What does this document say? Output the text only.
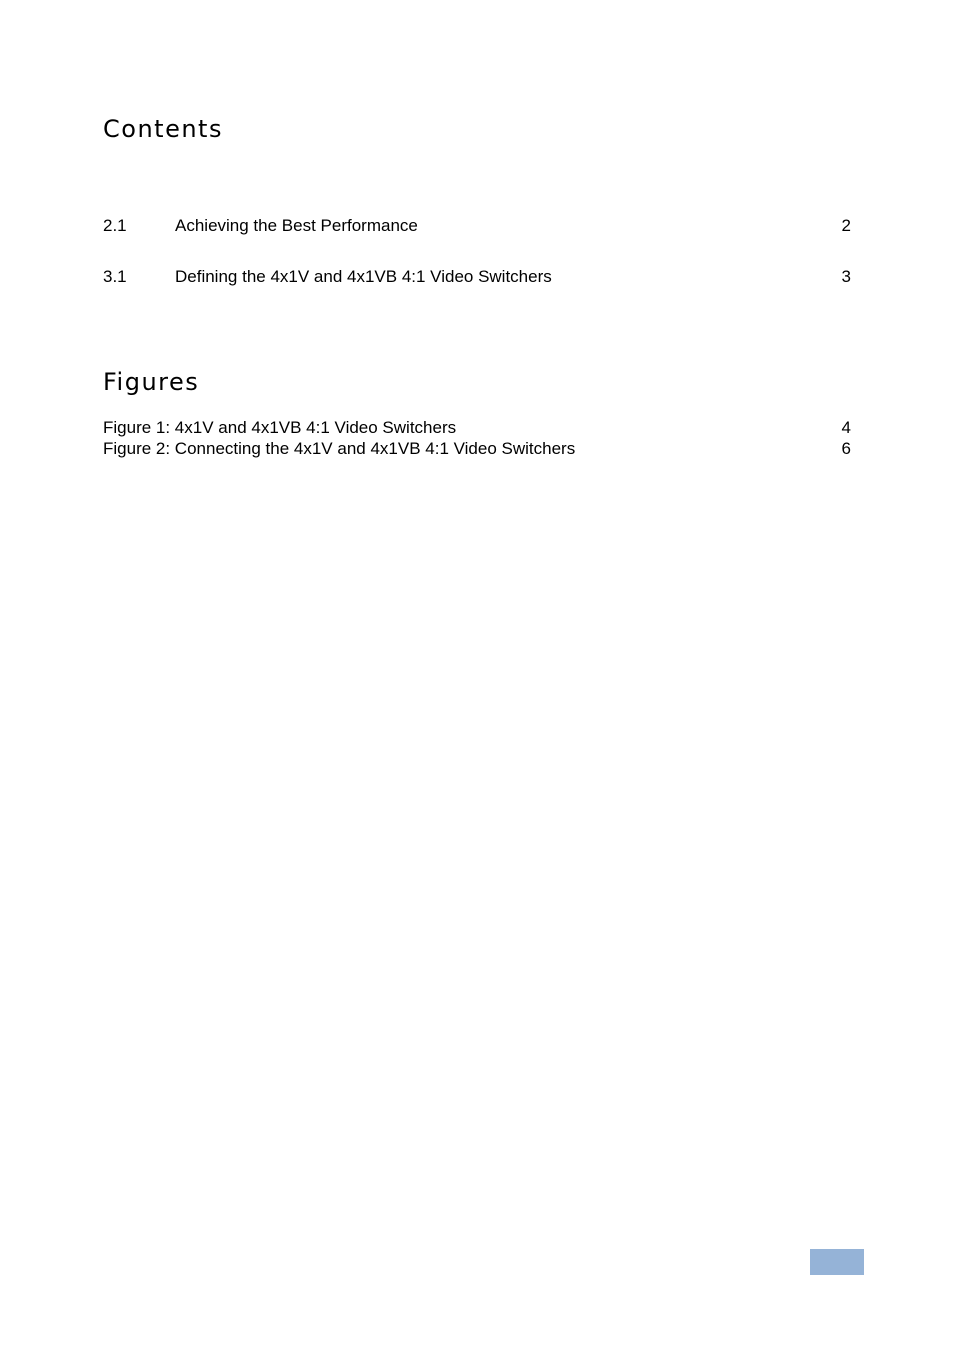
Contents
2.1	Achieving the Best Performance	2
3.1	Defining the 4x1V and 4x1VB 4:1 Video Switchers	3
Figures
Figure 1: 4x1V and 4x1VB 4:1 Video Switchers	4
Figure 2: Connecting the 4x1V and 4x1VB 4:1 Video Switchers	6
